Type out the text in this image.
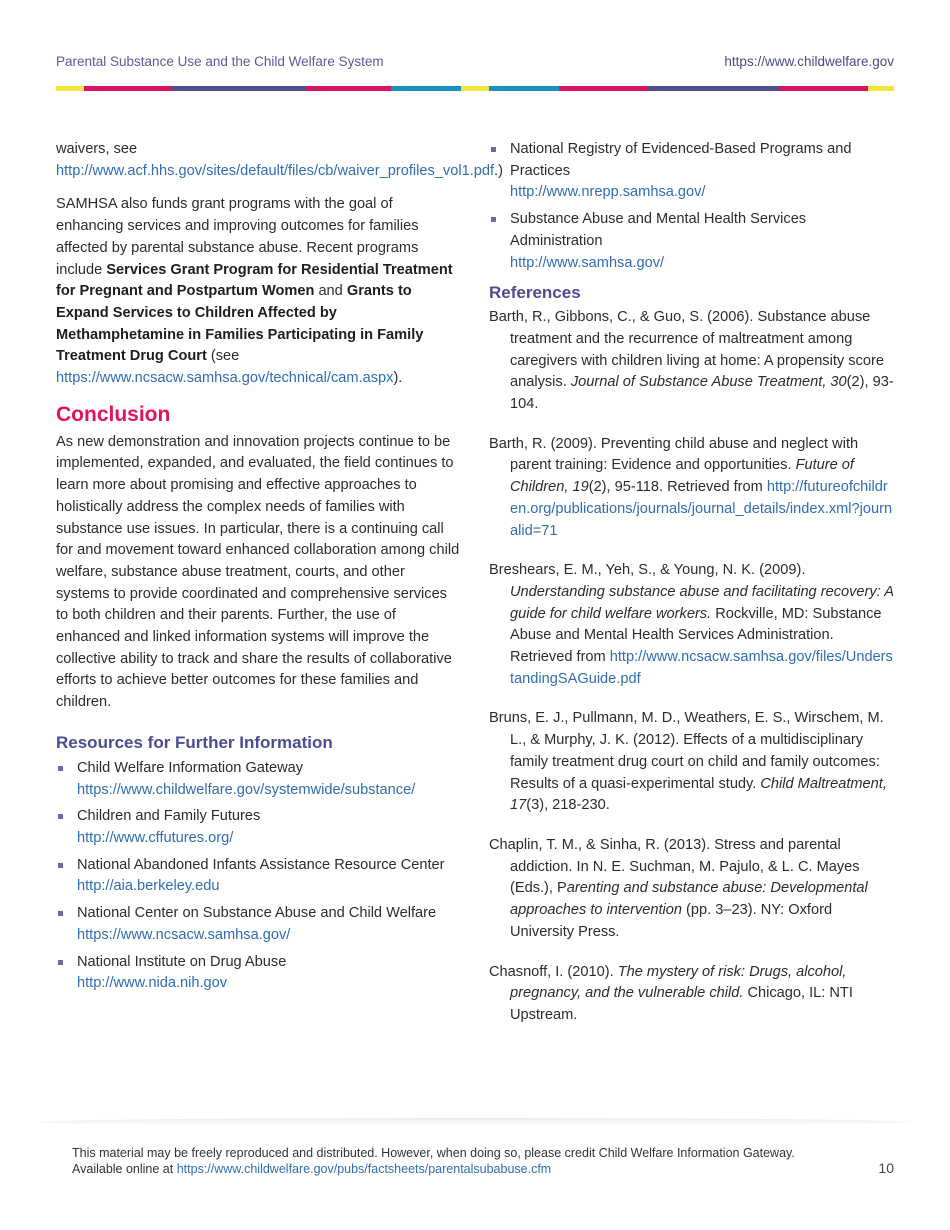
Parental Substance Use and the Child Welfare System	https://www.childwelfare.gov

waivers, see http://www.acf.hhs.gov/sites/default/files/cb/waiver_profiles_vol1.pdf.)

SAMHSA also funds grant programs with the goal of enhancing services and improving outcomes for families affected by parental substance abuse. Recent programs include Services Grant Program for Residential Treatment for Pregnant and Postpartum Women and Grants to Expand Services to Children Affected by Methamphetamine in Families Participating in Family Treatment Drug Court (see https://www.ncsacw.samhsa.gov/technical/cam.aspx).

Conclusion

As new demonstration and innovation projects continue to be implemented, expanded, and evaluated, the field continues to learn more about promising and effective approaches to holistically address the complex needs of families with substance use issues. In particular, there is a continuing call for and movement toward enhanced collaboration among child welfare, substance abuse treatment, courts, and other systems to provide coordinated and comprehensive services to both children and their parents. Further, the use of enhanced and linked information systems will improve the collective ability to track and share the results of collaborative efforts to achieve better outcomes for these families and children.

Resources for Further Information
Child Welfare Information Gateway
https://www.childwelfare.gov/systemwide/substance/
Children and Family Futures
http://www.cffutures.org/
National Abandoned Infants Assistance Resource Center
http://aia.berkeley.edu
National Center on Substance Abuse and Child Welfare
https://www.ncsacw.samhsa.gov/
National Institute on Drug Abuse
http://www.nida.nih.gov
National Registry of Evidenced-Based Programs and Practices
http://www.nrepp.samhsa.gov/
Substance Abuse and Mental Health Services Administration
http://www.samhsa.gov/
References

Barth, R., Gibbons, C., & Guo, S. (2006). Substance abuse treatment and the recurrence of maltreatment among caregivers with children living at home: A propensity score analysis. Journal of Substance Abuse Treatment, 30(2), 93-104.

Barth, R. (2009). Preventing child abuse and neglect with parent training: Evidence and opportunities. Future of Children, 19(2), 95-118. Retrieved from http://futureofchildren.org/publications/journals/journal_details/index.xml?journalid=71

Breshears, E. M., Yeh, S., & Young, N. K. (2009). Understanding substance abuse and facilitating recovery: A guide for child welfare workers. Rockville, MD: Substance Abuse and Mental Health Services Administration. Retrieved from http://www.ncsacw.samhsa.gov/files/UnderstandingSAGuide.pdf

Bruns, E. J., Pullmann, M. D., Weathers, E. S., Wirschem, M. L., & Murphy, J. K. (2012). Effects of a multidisciplinary family treatment drug court on child and family outcomes: Results of a quasi-experimental study. Child Maltreatment, 17(3), 218-230.

Chaplin, T. M., & Sinha, R. (2013). Stress and parental addiction. In N. E. Suchman, M. Pajulo, & L. C. Mayes (Eds.), Parenting and substance abuse: Developmental approaches to intervention (pp. 3–23). NY: Oxford University Press.

Chasnoff, I. (2010). The mystery of risk: Drugs, alcohol, pregnancy, and the vulnerable child. Chicago, IL: NTI Upstream.

This material may be freely reproduced and distributed. However, when doing so, please credit Child Welfare Information Gateway.
Available online at https://www.childwelfare.gov/pubs/factsheets/parentalsubabuse.cfm	10
